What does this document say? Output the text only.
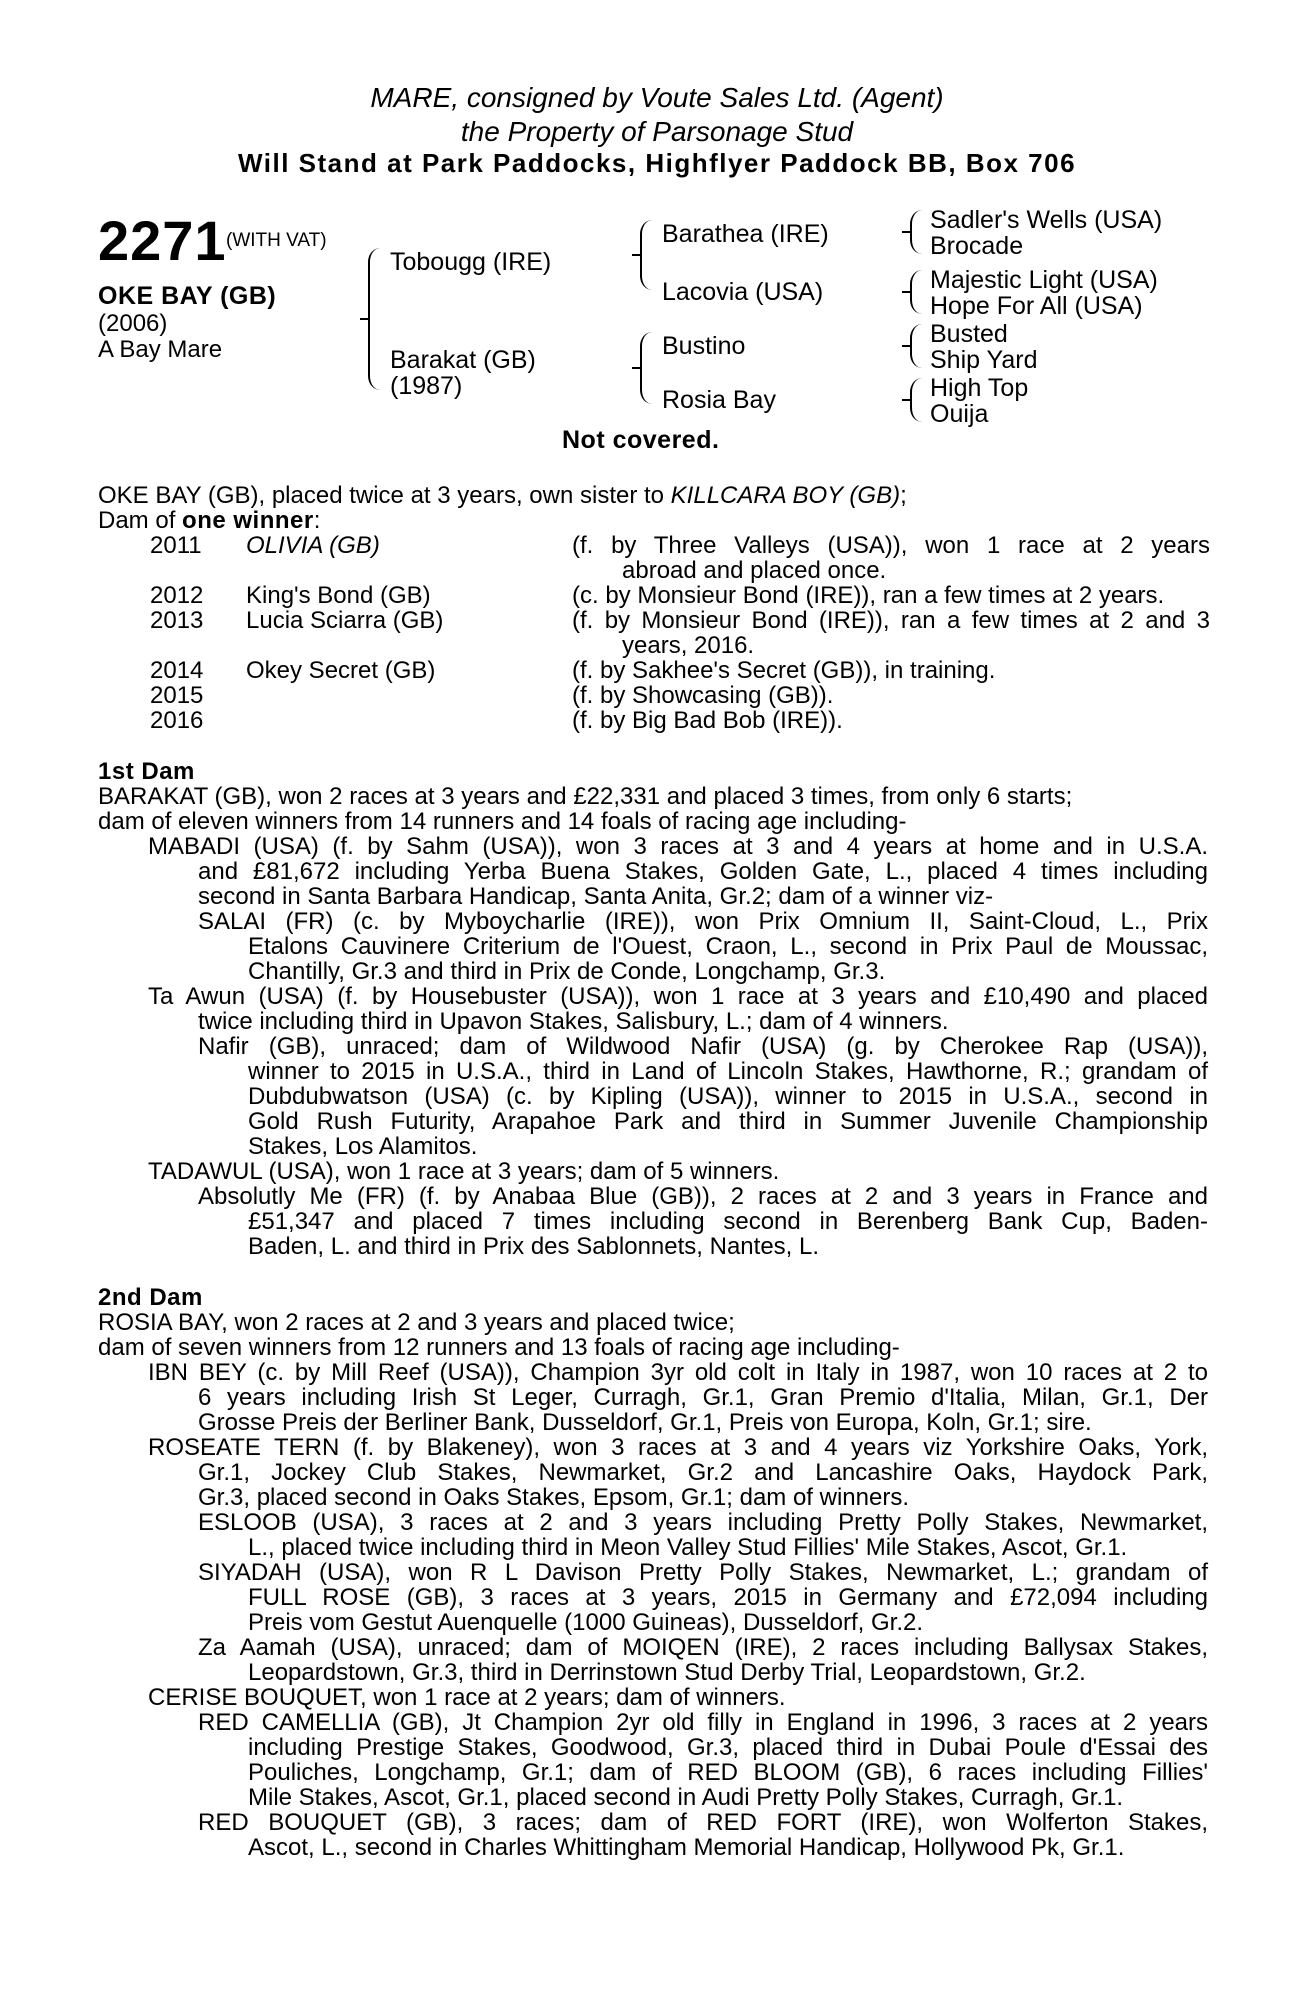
MARE, consigned by Voute Sales Ltd. (Agent)
the Property of Parsonage Stud
Will Stand at Park Paddocks, Highflyer Paddock BB, Box 706
2271 (WITH VAT)
OKE BAY (GB)
(2006)
A Bay Mare
Tobougg (IRE)
Barakat (GB)
(1987)
Barathea (IRE)
Lacovia (USA)
Bustino
Rosia Bay
Sadler's Wells (USA)
Brocade
Majestic Light (USA)
Hope For All (USA)
Busted
Ship Yard
High Top
Ouija
Not covered.
OKE BAY (GB), placed twice at 3 years, own sister to KILLCARA BOY (GB);
Dam of one winner:
2011 OLIVIA (GB)	(f. by Three Valleys (USA)), won 1 race at 2 years
abroad and placed once.
2012 King's Bond (GB)	(c. by Monsieur Bond (IRE)), ran a few times at 2 years.
2013 Lucia Sciarra (GB)	(f. by Monsieur Bond (IRE)), ran a few times at 2 and 3
years, 2016.
2014 Okey Secret (GB)	(f. by Sakhee's Secret (GB)), in training.
2015	(f. by Showcasing (GB)).
2016	(f. by Big Bad Bob (IRE)).
1st Dam
BARAKAT (GB), won 2 races at 3 years and £22,331 and placed 3 times, from only 6 starts;
dam of eleven winners from 14 runners and 14 foals of racing age including-
MABADI (USA) (f. by Sahm (USA)), won 3 races at 3 and 4 years at home and in U.S.A.
and £81,672 including Yerba Buena Stakes, Golden Gate, L., placed 4 times including
second in Santa Barbara Handicap, Santa Anita, Gr.2; dam of a winner viz-
SALAI (FR) (c. by Myboycharlie (IRE)), won Prix Omnium II, Saint-Cloud, L., Prix
Etalons Cauvinere Criterium de l'Ouest, Craon, L., second in Prix Paul de Moussac,
Chantilly, Gr.3 and third in Prix de Conde, Longchamp, Gr.3.
Ta Awun (USA) (f. by Housebuster (USA)), won 1 race at 3 years and £10,490 and placed
twice including third in Upavon Stakes, Salisbury, L.; dam of 4 winners.
Nafir (GB), unraced; dam of Wildwood Nafir (USA) (g. by Cherokee Rap (USA)),
winner to 2015 in U.S.A., third in Land of Lincoln Stakes, Hawthorne, R.; grandam of
Dubdubwatson (USA) (c. by Kipling (USA)), winner to 2015 in U.S.A., second in
Gold Rush Futurity, Arapahoe Park and third in Summer Juvenile Championship
Stakes, Los Alamitos.
TADAWUL (USA), won 1 race at 3 years; dam of 5 winners.
Absolutly Me (FR) (f. by Anabaa Blue (GB)), 2 races at 2 and 3 years in France and
£51,347 and placed 7 times including second in Berenberg Bank Cup, Baden-
Baden, L. and third in Prix des Sablonnets, Nantes, L.
2nd Dam
ROSIA BAY, won 2 races at 2 and 3 years and placed twice;
dam of seven winners from 12 runners and 13 foals of racing age including-
IBN BEY (c. by Mill Reef (USA)), Champion 3yr old colt in Italy in 1987, won 10 races at 2 to
6 years including Irish St Leger, Curragh, Gr.1, Gran Premio d'Italia, Milan, Gr.1, Der
Grosse Preis der Berliner Bank, Dusseldorf, Gr.1, Preis von Europa, Koln, Gr.1; sire.
ROSEATE TERN (f. by Blakeney), won 3 races at 3 and 4 years viz Yorkshire Oaks, York,
Gr.1, Jockey Club Stakes, Newmarket, Gr.2 and Lancashire Oaks, Haydock Park,
Gr.3, placed second in Oaks Stakes, Epsom, Gr.1; dam of winners.
ESLOOB (USA), 3 races at 2 and 3 years including Pretty Polly Stakes, Newmarket,
L., placed twice including third in Meon Valley Stud Fillies' Mile Stakes, Ascot, Gr.1.
SIYADAH (USA), won R L Davison Pretty Polly Stakes, Newmarket, L.; grandam of
FULL ROSE (GB), 3 races at 3 years, 2015 in Germany and £72,094 including
Preis vom Gestut Auenquelle (1000 Guineas), Dusseldorf, Gr.2.
Za Aamah (USA), unraced; dam of MOIQEN (IRE), 2 races including Ballysax Stakes,
Leopardstown, Gr.3, third in Derrinstown Stud Derby Trial, Leopardstown, Gr.2.
CERISE BOUQUET, won 1 race at 2 years; dam of winners.
RED CAMELLIA (GB), Jt Champion 2yr old filly in England in 1996, 3 races at 2 years
including Prestige Stakes, Goodwood, Gr.3, placed third in Dubai Poule d'Essai des
Pouliches, Longchamp, Gr.1; dam of RED BLOOM (GB), 6 races including Fillies'
Mile Stakes, Ascot, Gr.1, placed second in Audi Pretty Polly Stakes, Curragh, Gr.1.
RED BOUQUET (GB), 3 races; dam of RED FORT (IRE), won Wolferton Stakes,
Ascot, L., second in Charles Whittingham Memorial Handicap, Hollywood Pk, Gr.1.
